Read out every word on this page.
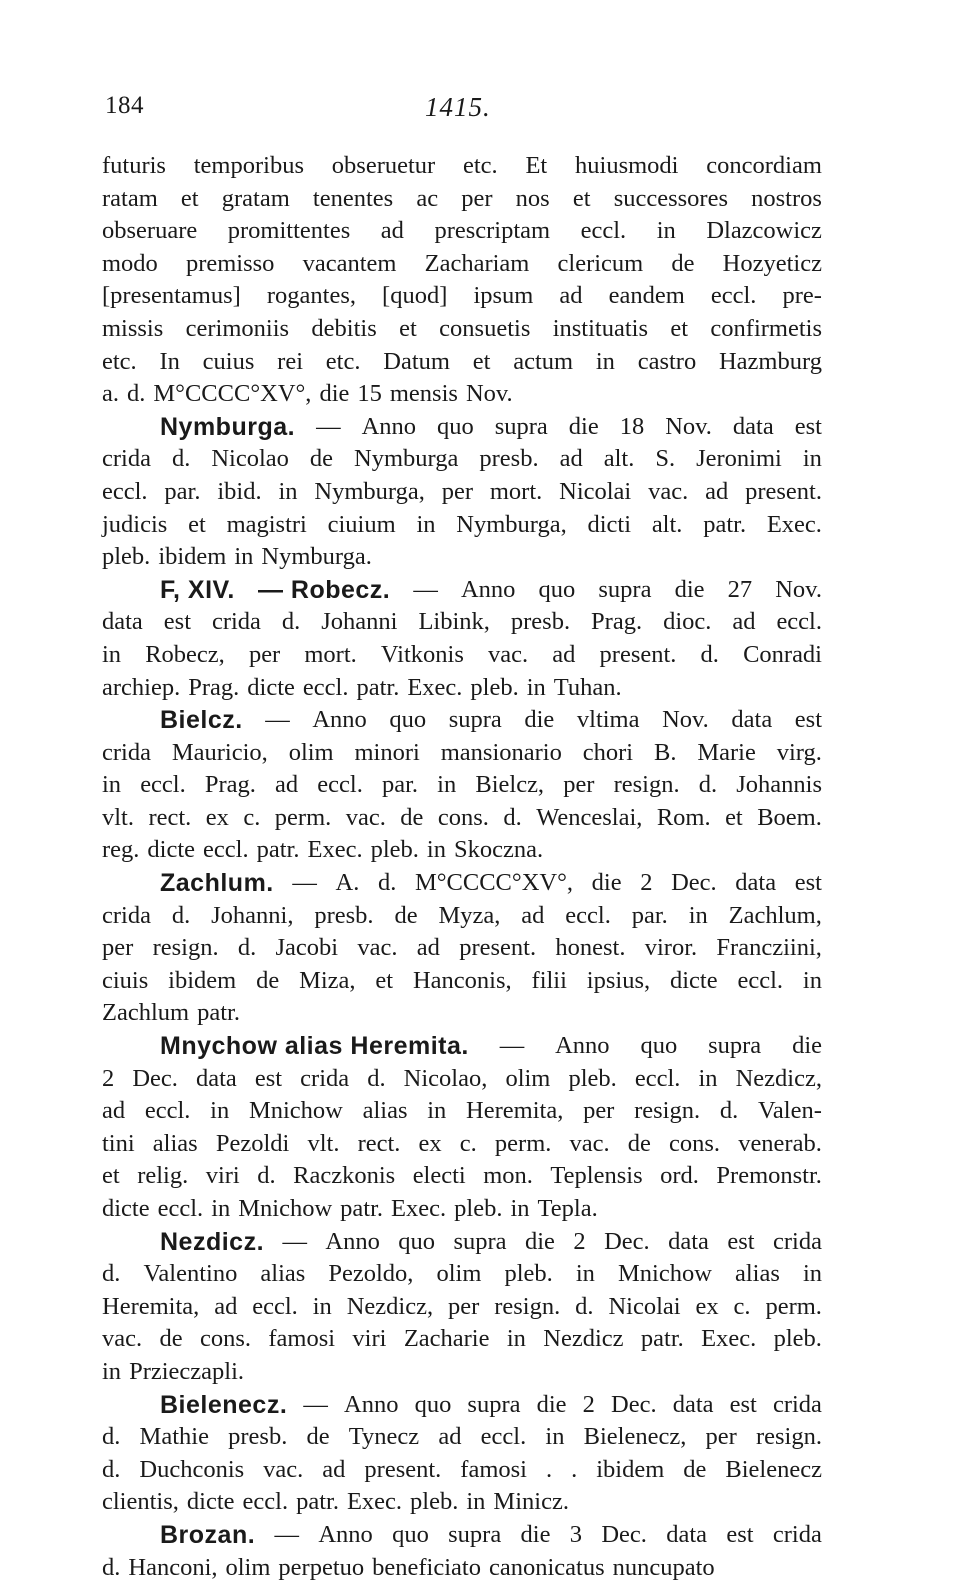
184	1415.
futuris temporibus obseruetur etc. Et huiusmodi concordiam
ratam et gratam tenentes ac per nos et successores nostros
obseruare promittentes ad prescriptam eccl. in Dlazcowicz
modo premisso vacantem Zachariam clericum de Hozyeticz
[presentamus] rogantes, [quod] ipsum ad eandem eccl. pre-
missis cerimoniis debitis et consuetis instituatis et confirmetis
etc. In cuius rei etc. Datum et actum in castro Hazmburg
a. d. M°CCCC°XV°, die 15 mensis Nov.
Nymburga. — Anno quo supra die 18 Nov. data est
crida d. Nicolao de Nymburga presb. ad alt. S. Jeronimi in
eccl. par. ibid. in Nymburga, per mort. Nicolai vac. ad present.
judicis et magistri ciuium in Nymburga, dicti alt. patr. Exec.
pleb. ibidem in Nymburga.
F, XIV. — Robecz. — Anno quo supra die 27 Nov.
data est crida d. Johanni Libink, presb. Prag. dioc. ad eccl.
in Robecz, per mort. Vitkonis vac. ad present. d. Conradi
archiep. Prag. dicte eccl. patr. Exec. pleb. in Tuhan.
Bielcz. — Anno quo supra die vltima Nov. data est
crida Mauricio, olim minori mansionario chori B. Marie virg.
in eccl. Prag. ad eccl. par. in Bielcz, per resign. d. Johannis
vlt. rect. ex c. perm. vac. de cons. d. Wenceslai, Rom. et Boem.
reg. dicte eccl. patr. Exec. pleb. in Skoczna.
Zachlum. — A. d. M°CCCC°XV°, die 2 Dec. data est
crida d. Johanni, presb. de Myza, ad eccl. par. in Zachlum,
per resign. d. Jacobi vac. ad present. honest. viror. Francziini,
ciuis ibidem de Miza, et Hanconis, filii ipsius, dicte eccl. in
Zachlum patr.
Mnychow alias Heremita. — Anno quo supra die
2 Dec. data est crida d. Nicolao, olim pleb. eccl. in Nezdicz,
ad eccl. in Mnichow alias in Heremita, per resign. d. Valen-
tini alias Pezoldi vlt. rect. ex c. perm. vac. de cons. venerab.
et relig. viri d. Raczkonis electi mon. Teplensis ord. Premonstr.
dicte eccl. in Mnichow patr. Exec. pleb. in Tepla.
Nezdicz. — Anno quo supra die 2 Dec. data est crida
d. Valentino alias Pezoldo, olim pleb. in Mnichow alias in
Heremita, ad eccl. in Nezdicz, per resign. d. Nicolai ex c. perm.
vac. de cons. famosi viri Zacharie in Nezdicz patr. Exec. pleb.
in Przieczapli.
Bielenecz. — Anno quo supra die 2 Dec. data est crida
d. Mathie presb. de Tynecz ad eccl. in Bielenecz, per resign.
d. Duchconis vac. ad present. famosi . . ibidem de Bielenecz
clientis, dicte eccl. patr. Exec. pleb. in Minicz.
Brozan. — Anno quo supra die 3 Dec. data est crida
d. Hanconi, olim perpetuo beneficiato canonicatus nuncupato
